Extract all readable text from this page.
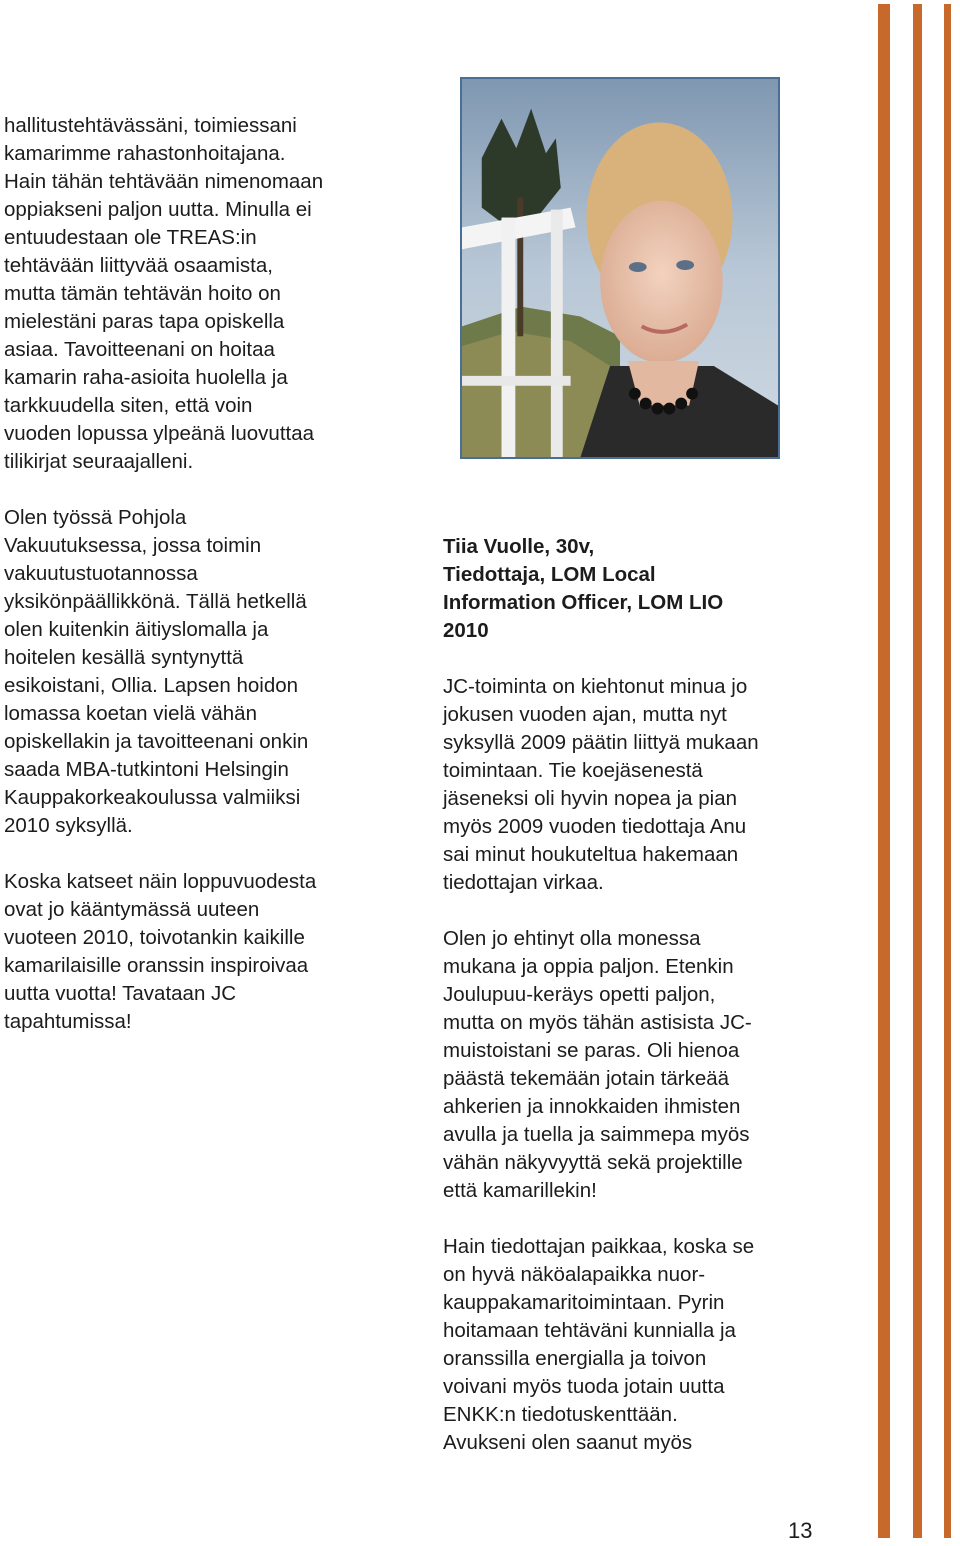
hallitustehtävässäni, toimiessani
kamarimme rahastonhoitajana.
Hain tähän tehtävään nimenomaan
oppiakseni paljon uutta. Minulla ei
entuudestaan ole TREAS:in
tehtävään liittyvää osaamista,
mutta tämän tehtävän hoito on
mielestäni paras tapa opiskella
asiaa. Tavoitteenani on hoitaa
kamarin raha-asioita huolella ja
tarkkuudella siten, että voin
vuoden lopussa ylpeänä luovuttaa
tilikirjat seuraajalleni.

Olen työssä Pohjola
Vakuutuksessa, jossa toimin
vakuutustuotannossa
yksikönpäällikkönä. Tällä hetkellä
olen kuitenkin äitiyslomalla ja
hoitelen kesällä syntynyttä
esikoistani, Ollia. Lapsen hoidon
lomassa koetan vielä vähän
opiskellakin ja tavoitteenani onkin
saada MBA-tutkintoni Helsingin
Kauppakorkeakoulussa valmiiksi
2010 syksyllä.

Koska katseet näin loppuvuodesta
ovat jo kääntymässä uuteen
vuoteen 2010, toivotankin kaikille
kamarilaisille oranssin inspiroivaa
uutta vuotta! Tavataan JC
tapahtumissa!

Tiia Vuolle, 30v,
Tiedottaja, LOM Local
Information Officer, LOM LIO
2010

JC-toiminta on kiehtonut minua jo
jokusen vuoden ajan, mutta nyt
syksyllä 2009 päätin liittyä mukaan
toimintaan. Tie koejäsenestä
jäseneksi oli hyvin nopea ja pian
myös 2009 vuoden tiedottaja Anu
sai minut houkuteltua hakemaan
tiedottajan virkaa.

Olen jo ehtinyt olla monessa
mukana ja oppia paljon. Etenkin
Joulupuu-keräys opetti paljon,
mutta on myös tähän astisista JC-
muistoistani se paras. Oli hienoa
päästä tekemään jotain tärkeää
ahkerien ja innokkaiden ihmisten
avulla ja tuella ja saimmepa myös
vähän näkyvyyttä sekä projektille
että kamarillekin!

Hain tiedottajan paikkaa, koska se
on hyvä näköalapaikka nuor-
kauppakamaritoimintaan. Pyrin
hoitamaan tehtäväni kunnialla ja
oranssilla energialla ja toivon
voivani myös tuoda jotain uutta
ENKK:n tiedotuskenttään.
Avukseni olen saanut myös

13
